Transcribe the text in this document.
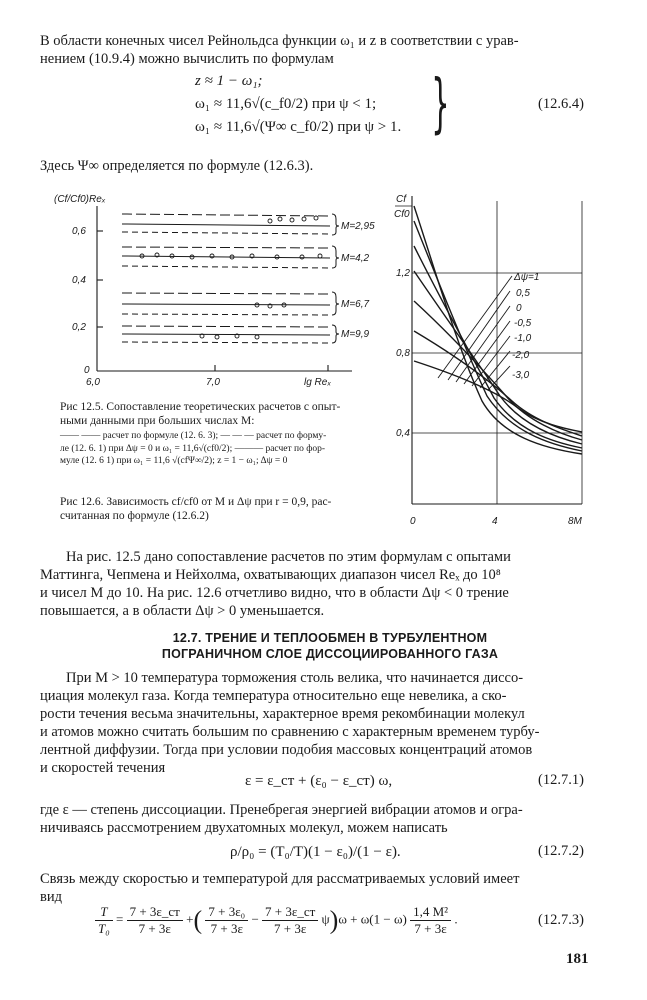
В области конечных чисел Рейнольдса функции ω₁ и z в соответствии с урав-
нением (10.9.4) можно вычислить по формулам
z ≈ 1 − ω₁;
ω₁ ≈ 11,6√(c_f0/2) при ψ < 1;
ω₁ ≈ 11,6√(Ψ∞ c_f0/2) при ψ > 1. }	(12.6.4)
Здесь Ψ∞ определяется по формуле (12.6.3).
(Cf/Cf0)Reₓ
0,6
0,4
0,2
0
6,0	7,0	lg Reₓ
M=2,95
M=4,2
M=6,7
M=9,9
Рис 12.5. Сопоставление теоретических расчетов с опыт-
ными данными при больших числах М:
—— —— расчет по формуле (12. 6. 3); — — — расчет по форму-
ле (12. 6. 1) при Δψ = 0 и ω₁ = 11,6√(cf0/2); ——— расчет по фор-
муле (12. 6 1) при ω₁ = 11,6 √(cfΨ∞/2); z = 1 − ω₁; Δψ = 0
Cf
Cf0
1,2
0,8
0,4
0	4	8M
Δψ=1
0,5
0
-0,5
-1,0
-2,0
-3,0
Рис 12.6. Зависимость cf/cf0 от М и Δψ при r = 0,9, рас-
считанная по формуле (12.6.2)
На рис. 12.5 дано сопоставление расчетов по этим формулам с опытами
Маттинга, Чепмена и Нейхолма, охватывающих диапазон чисел Reₓ до 10⁸
и чисел М до 10. На рис. 12.6 отчетливо видно, что в области Δψ < 0 трение
повышается, а в области Δψ > 0 уменьшается.
12.7. ТРЕНИЕ И ТЕПЛООБМЕН В ТУРБУЛЕНТНОМ
ПОГРАНИЧНОМ СЛОЕ ДИССОЦИИРОВАННОГО ГАЗА
При М > 10 температура торможения столь велика, что начинается диссо-
циация молекул газа. Когда температура относительно еще невелика, а ско-
рости течения весьма значительны, характерное время рекомбинации молекул
и атомов можно считать большим по сравнению с характерным временем турбу-
лентной диффузии. Тогда при условии подобия массовых концентраций атомов
и скоростей течения
ε = ε_ст + (ε₀ − ε_ст) ω,	(12.7.1)
где ε — степень диссоциации. Пренебрегая энергией вибрации атомов и огра-
ничиваясь рассмотрением двухатомных молекул, можем написать
ρ/ρ₀ = (T₀/T)(1 − ε₀)/(1 − ε).	(12.7.2)
Связь между скоростью и температурой для рассматриваемых условий имеет
вид
$\frac{T}{\text{T₀}} = \frac{7 + 3\varepsilon\_ст}{7 + 3\varepsilon}$ +( $\frac{\text{7 + 3ε₀}}{7 + 3\varepsilon} - \frac{7 + 3\varepsilon\_ст}{7 + 3\varepsilon} \psi)\omega + \omega(1 - \omega) \frac{\text{1,4 M²}}{7 + 3\varepsilon}$ .	(12.7.3)
181
